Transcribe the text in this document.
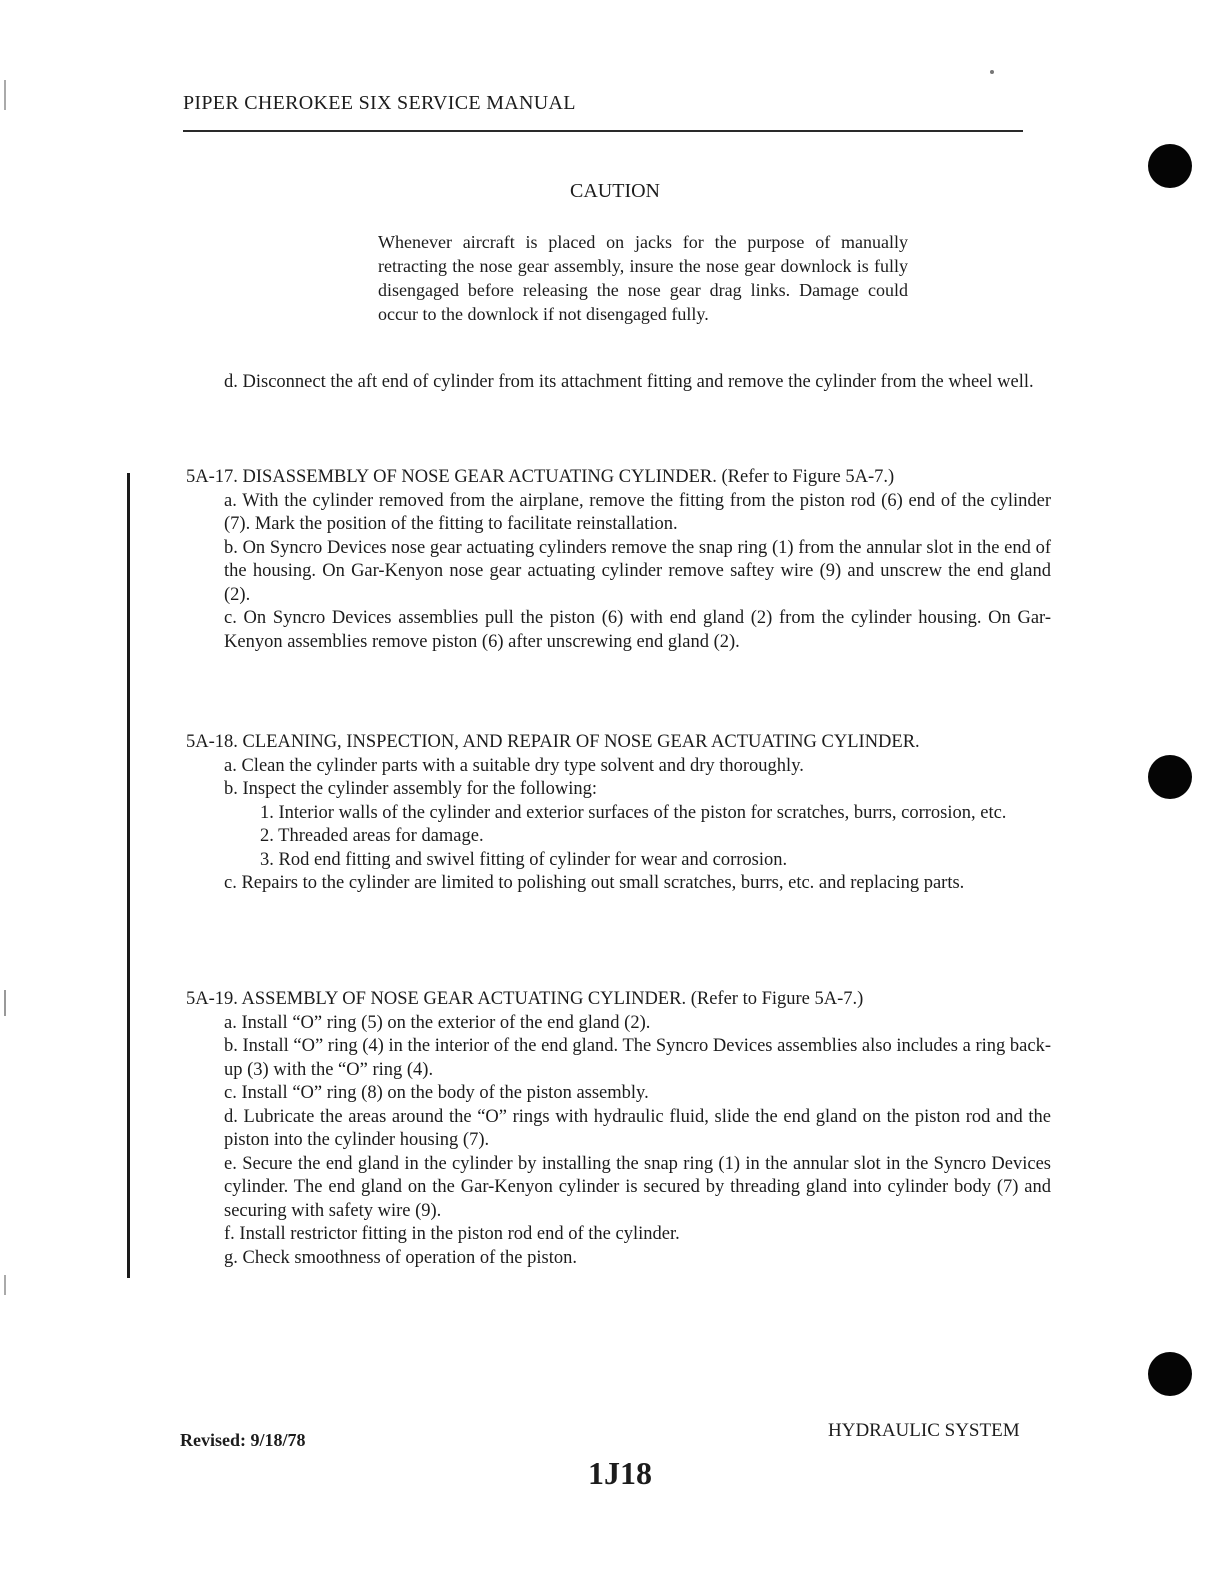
PIPER CHEROKEE SIX SERVICE MANUAL
CAUTION
Whenever aircraft is placed on jacks for the purpose of manually retracting the nose gear assembly, insure the nose gear downlock is fully disengaged before releasing the nose gear drag links. Damage could occur to the downlock if not disengaged fully.
d. Disconnect the aft end of cylinder from its attachment fitting and remove the cylinder from the wheel well.
5A-17. DISASSEMBLY OF NOSE GEAR ACTUATING CYLINDER. (Refer to Figure 5A-7.)
a. With the cylinder removed from the airplane, remove the fitting from the piston rod (6) end of the cylinder (7). Mark the position of the fitting to facilitate reinstallation.
b. On Syncro Devices nose gear actuating cylinders remove the snap ring (1) from the annular slot in the end of the housing. On Gar-Kenyon nose gear actuating cylinder remove saftey wire (9) and unscrew the end gland (2).
c. On Syncro Devices assemblies pull the piston (6) with end gland (2) from the cylinder housing. On Gar-Kenyon assemblies remove piston (6) after unscrewing end gland (2).
5A-18. CLEANING, INSPECTION, AND REPAIR OF NOSE GEAR ACTUATING CYLINDER.
a. Clean the cylinder parts with a suitable dry type solvent and dry thoroughly.
b. Inspect the cylinder assembly for the following:
1. Interior walls of the cylinder and exterior surfaces of the piston for scratches, burrs, corrosion, etc.
2. Threaded areas for damage.
3. Rod end fitting and swivel fitting of cylinder for wear and corrosion.
c. Repairs to the cylinder are limited to polishing out small scratches, burrs, etc. and replacing parts.
5A-19. ASSEMBLY OF NOSE GEAR ACTUATING CYLINDER. (Refer to Figure 5A-7.)
a. Install “O” ring (5) on the exterior of the end gland (2).
b. Install “O” ring (4) in the interior of the end gland. The Syncro Devices assemblies also includes a ring back-up (3) with the “O” ring (4).
c. Install “O” ring (8) on the body of the piston assembly.
d. Lubricate the areas around the “O” rings with hydraulic fluid, slide the end gland on the piston rod and the piston into the cylinder housing (7).
e. Secure the end gland in the cylinder by installing the snap ring (1) in the annular slot in the Syncro Devices cylinder. The end gland on the Gar-Kenyon cylinder is secured by threading gland into cylinder body (7) and securing with safety wire (9).
f. Install restrictor fitting in the piston rod end of the cylinder.
g. Check smoothness of operation of the piston.
Revised: 9/18/78	HYDRAULIC SYSTEM
1J18
